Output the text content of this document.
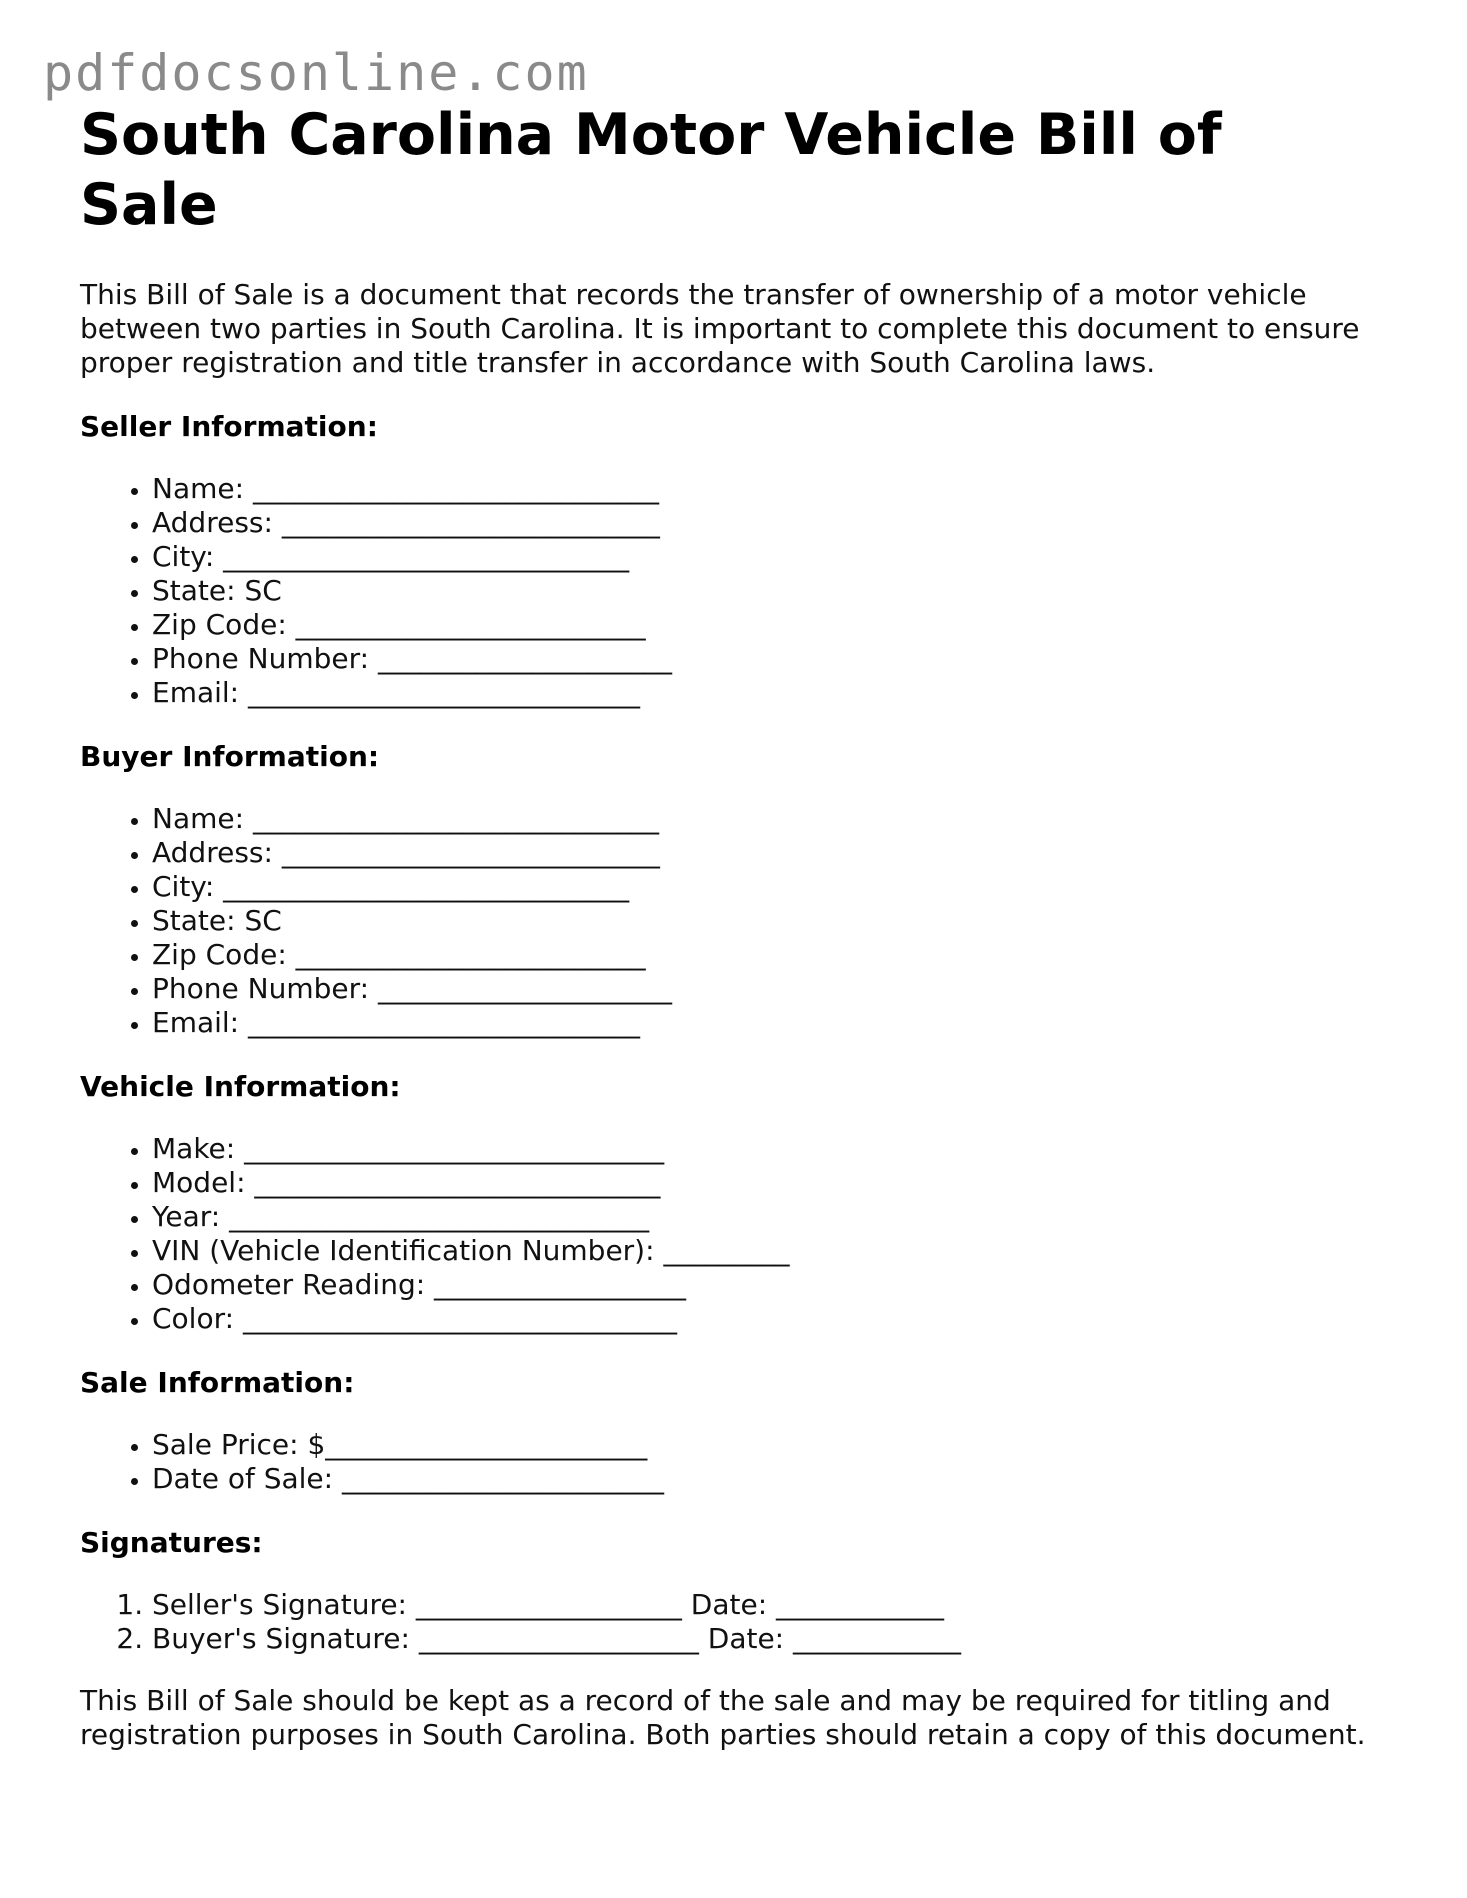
pdfdocsonline.com
South Carolina Motor Vehicle Bill of Sale

This Bill of Sale is a document that records the transfer of ownership of a motor vehicle between two parties in South Carolina. It is important to complete this document to ensure proper registration and title transfer in accordance with South Carolina laws.

Seller Information:
• Name: _____________________________
• Address: ___________________________
• City: _____________________________
• State: SC
• Zip Code: _________________________
• Phone Number: _____________________
• Email: ____________________________
Buyer Information:
• Name: _____________________________
• Address: ___________________________
• City: _____________________________
• State: SC
• Zip Code: _________________________
• Phone Number: _____________________
• Email: ____________________________
Vehicle Information:
• Make: ______________________________
• Model: _____________________________
• Year: ______________________________
• VIN (Vehicle Identification Number): _________
• Odometer Reading: __________________
• Color: _______________________________
Sale Information:
• Sale Price: $_______________________
• Date of Sale: _______________________
Signatures:
1. Seller's Signature: ___________________ Date: ____________
2. Buyer's Signature: ____________________ Date: ____________

This Bill of Sale should be kept as a record of the sale and may be required for titling and registration purposes in South Carolina. Both parties should retain a copy of this document.
